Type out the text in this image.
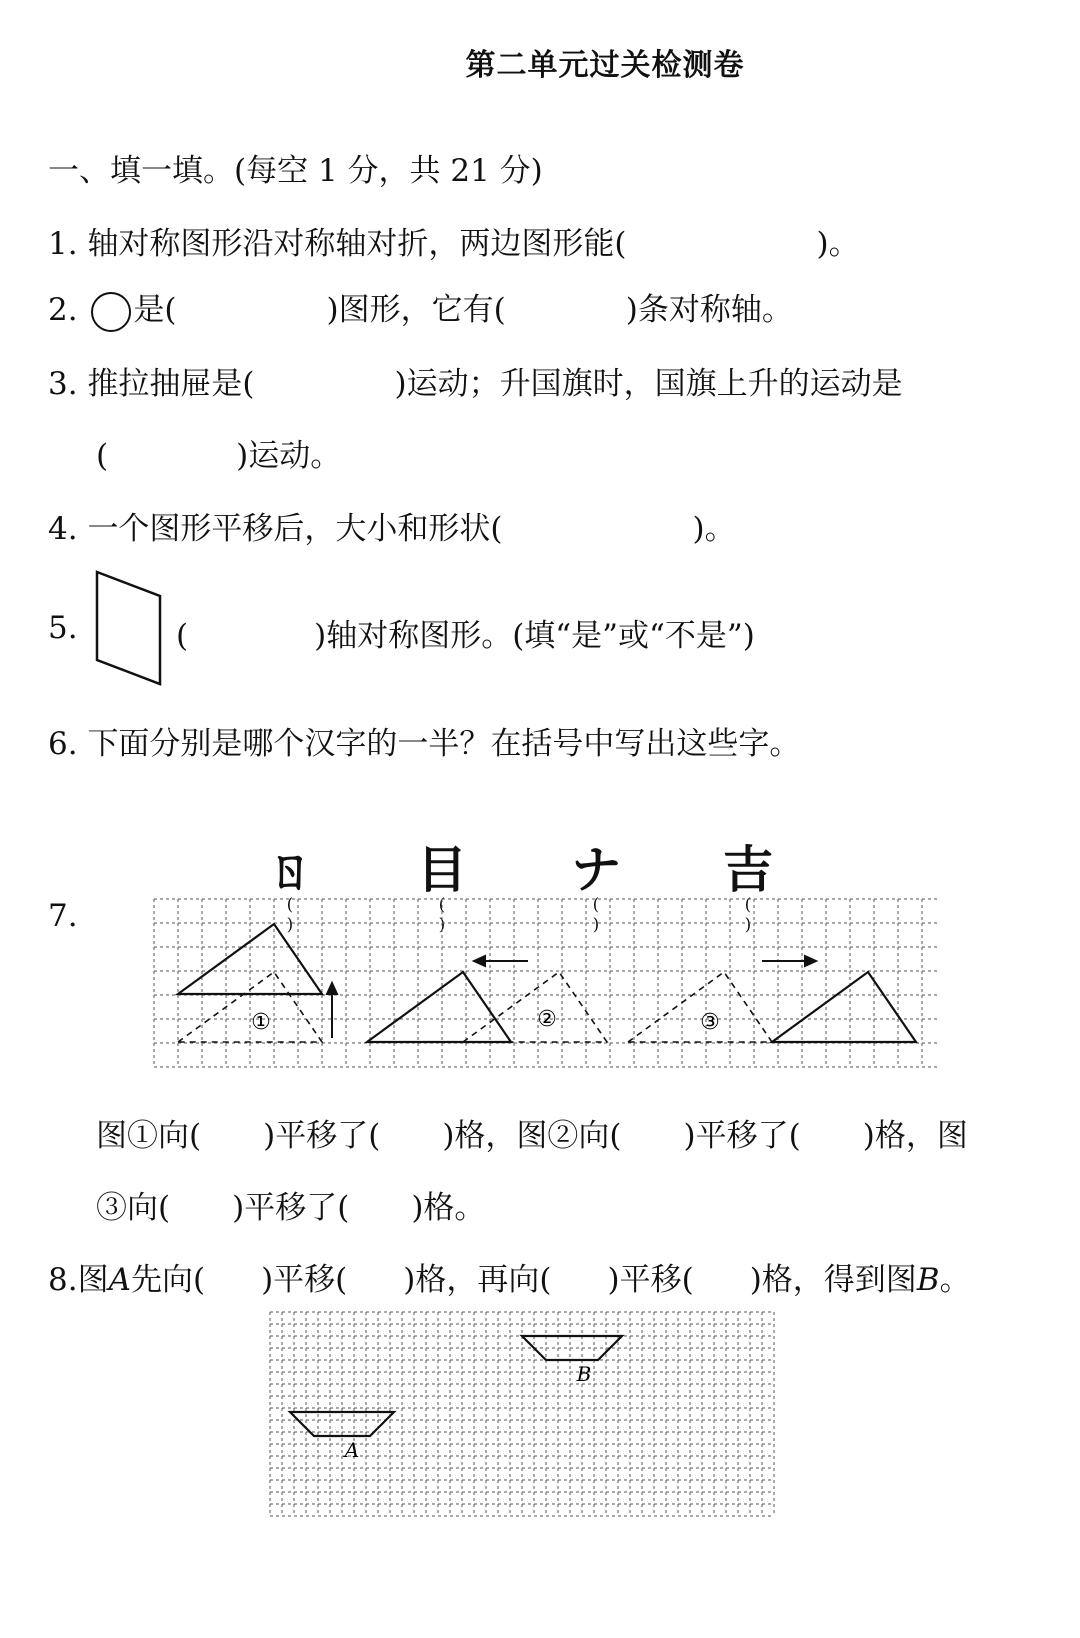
第二单元过关检测卷
一、填一填。(每空 1 分，共 21 分)
1. 轴对称图形沿对称轴对折，两边图形能(	)。
2. 是(	)图形，它有(	)条对称轴。
3. 推拉抽屉是(	)运动；升国旗时，国旗上升的运动是
(	)运动。
4. 一个图形平移后，大小和形状(	)。
5.	(	)轴对称图形。(填“是”或“不是”)
6. 下面分别是哪个汉字的一半？在括号中写出这些字。
ㄖ	目	ナ	吉
( )
( )
( )
( )
7.
①	②	③
图①向( )平移了( )格，图②向( )平移了( )格，图
③向( )平移了( )格。
8.图A先向( )平移( )格，再向( )平移( )格，得到图B。
A
B
